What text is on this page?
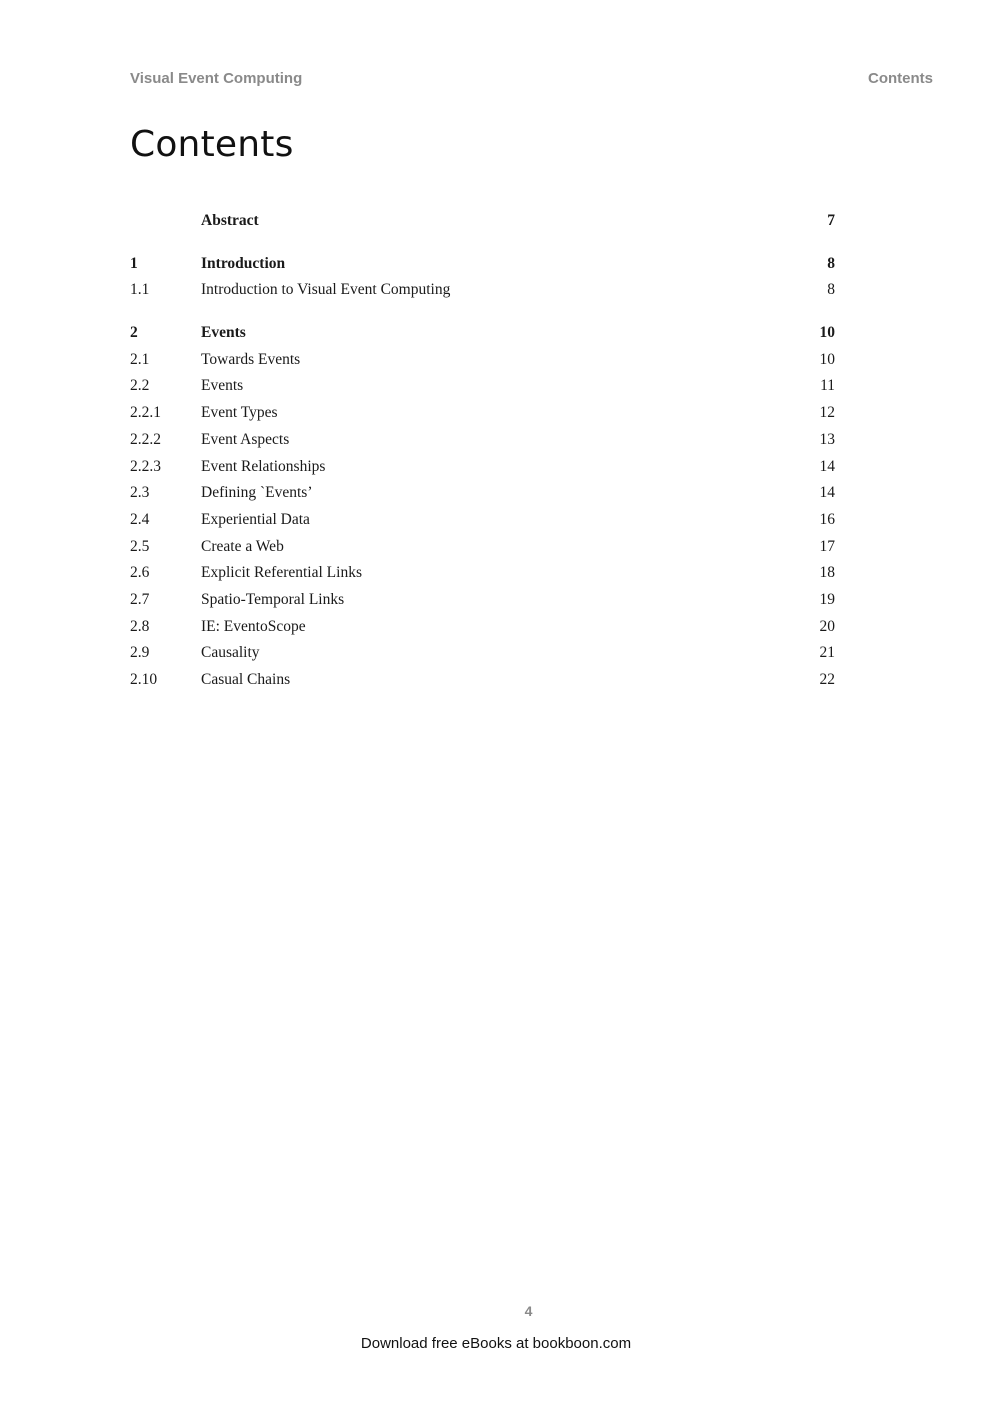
Visual Event Computing	Contents
Contents
Abstract	7
1	Introduction	8
1.1	Introduction to Visual Event Computing	8
2	Events	10
2.1	Towards Events	10
2.2	Events	11
2.2.1	Event Types	12
2.2.2	Event Aspects	13
2.2.3	Event Relationships	14
2.3	Defining `Events’	14
2.4	Experiential Data	16
2.5	Create a Web	17
2.6	Explicit Referential Links	18
2.7	Spatio-Temporal Links	19
2.8	IE: EventoScope	20
2.9	Causality	21
2.10	Casual Chains	22
4
Download free eBooks at bookboon.com
